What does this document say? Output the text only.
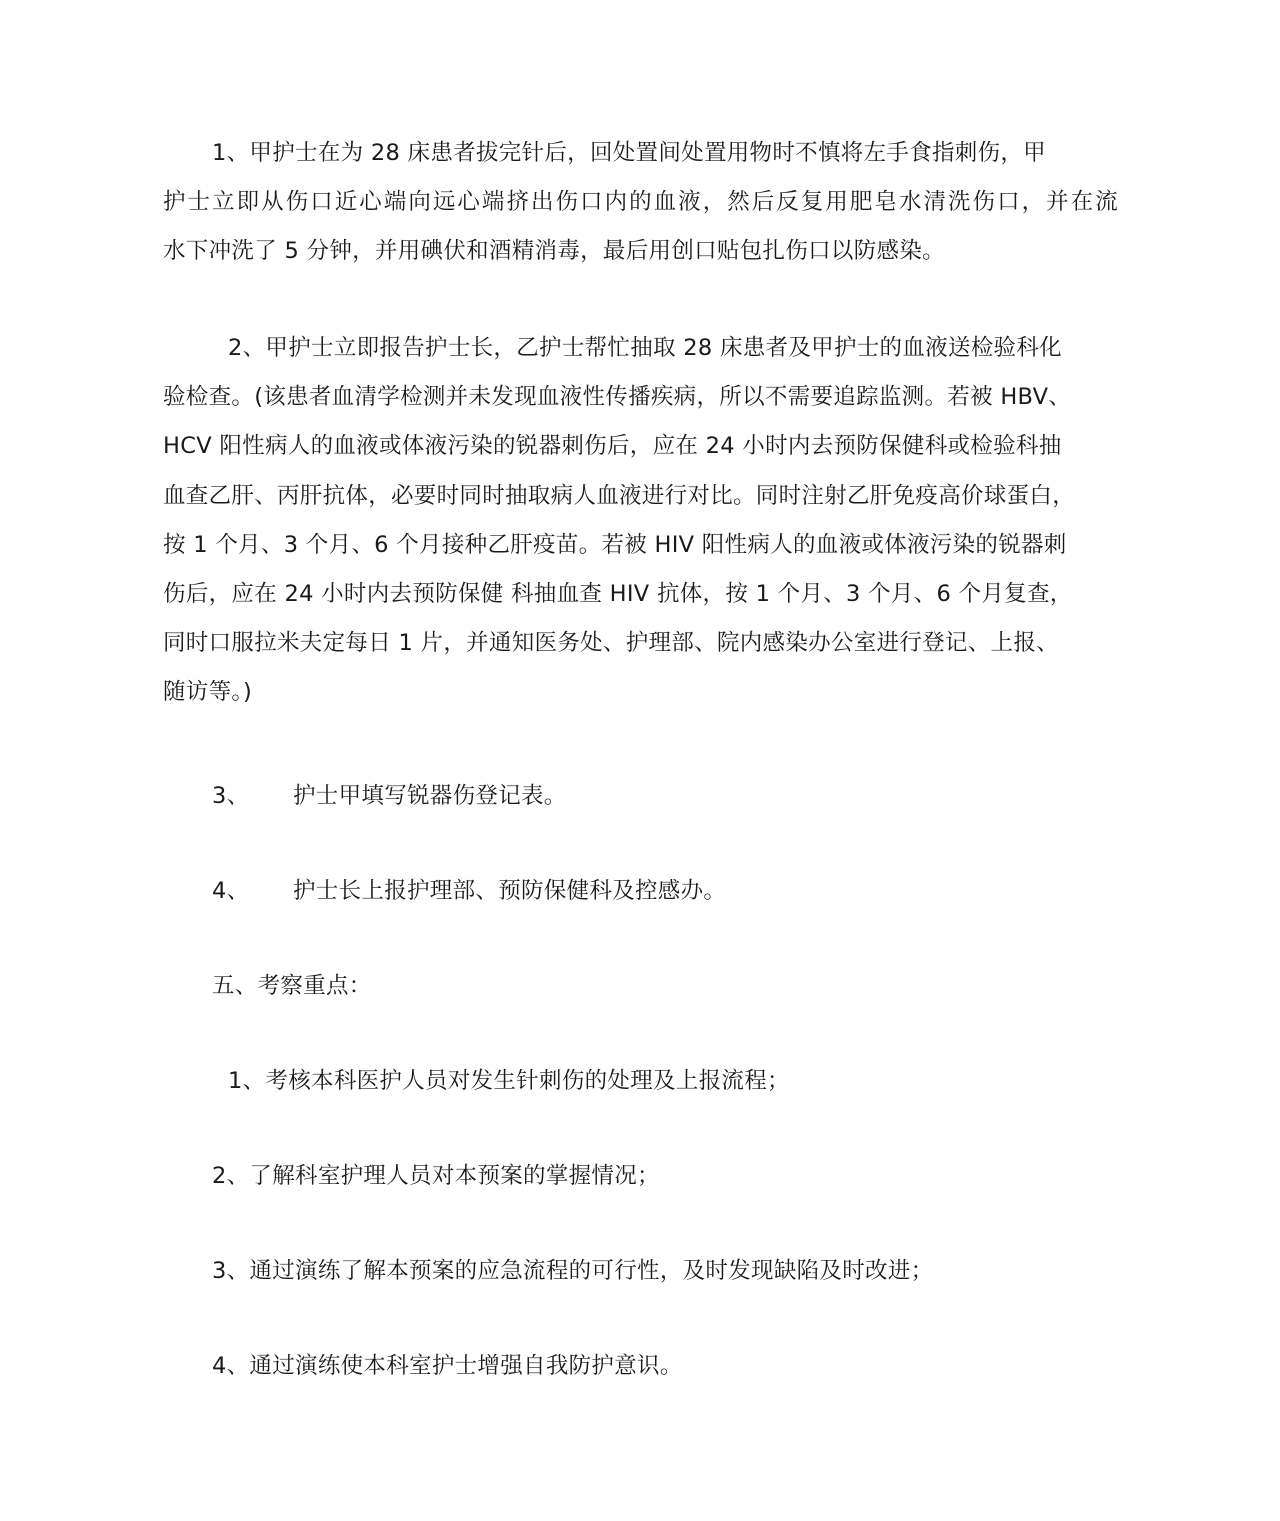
1、甲护士在为 28 床患者拔完针后，回处置间处置用物时不慎将左手食指刺伤，甲
护士立即从伤口近心端向远心端挤出伤口内的血液，然后反复用肥皂水清洗伤口，并在流
水下冲洗了 5 分钟，并用碘伏和酒精消毒，最后用创口贴包扎伤口以防感染。
2、甲护士立即报告护士长，乙护士帮忙抽取 28 床患者及甲护士的血液送检验科化
验检查。(该患者血清学检测并未发现血液性传播疾病，所以不需要追踪监测。若被 HBV、
HCV 阳性病人的血液或体液污染的锐器刺伤后，应在 24 小时内去预防保健科或检验科抽
血查乙肝、丙肝抗体，必要时同时抽取病人血液进行对比。同时注射乙肝免疫高价球蛋白，
按 1 个月、3 个月、6 个月接种乙肝疫苗。若被 HIV 阳性病人的血液或体液污染的锐器刺
伤后，应在 24 小时内去预防保健 科抽血查 HIV 抗体，按 1 个月、3 个月、6 个月复查，
同时口服拉米夫定每日 1 片，并通知医务处、护理部、院内感染办公室进行登记、上报、
随访等。)
3、 护士甲填写锐器伤登记表。
4、 护士长上报护理部、预防保健科及控感办。
五、考察重点：
1、考核本科医护人员对发生针刺伤的处理及上报流程；
2、了解科室护理人员对本预案的掌握情况；
3、通过演练了解本预案的应急流程的可行性，及时发现缺陷及时改进；
4、通过演练使本科室护士增强自我防护意识。
